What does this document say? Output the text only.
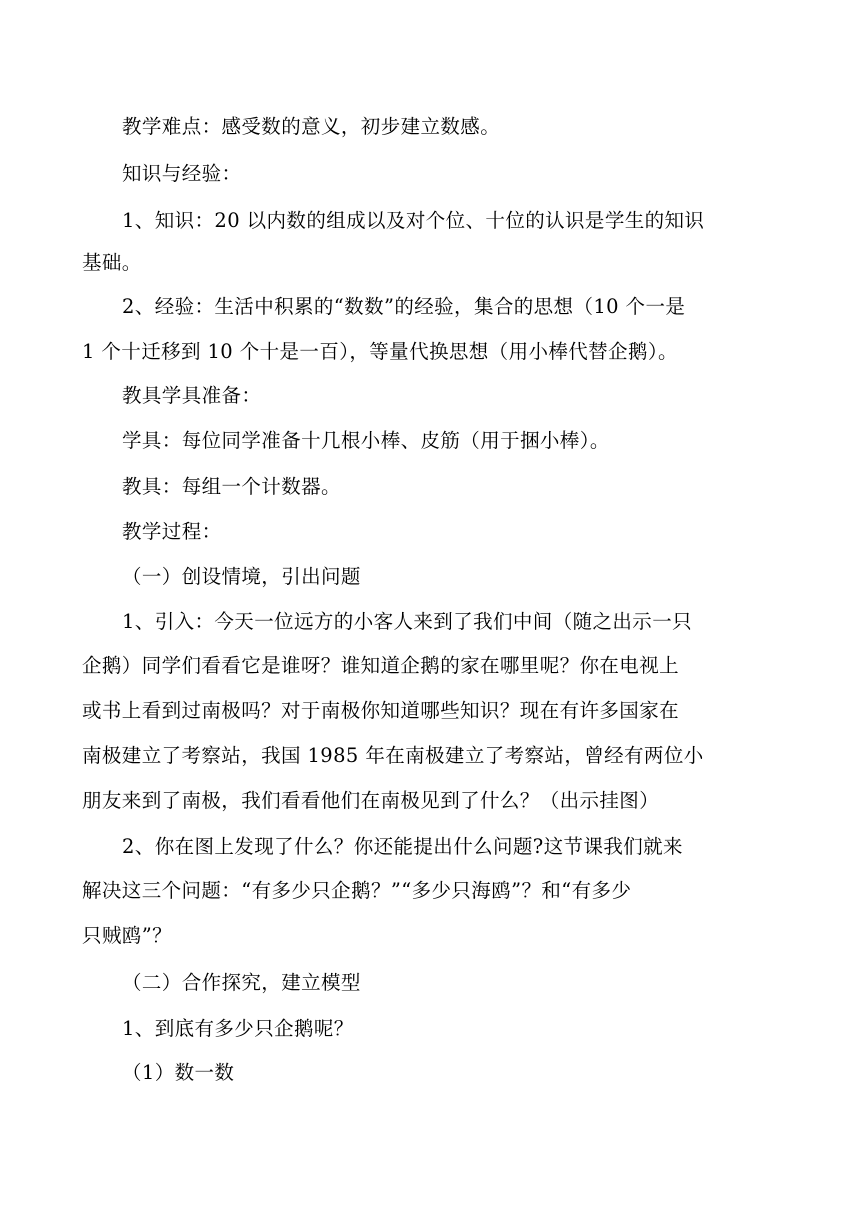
教学难点：感受数的意义，初步建立数感。
知识与经验：
1、知识：20 以内数的组成以及对个位、十位的认识是学生的知识
基础。
2、经验：生活中积累的“数数”的经验，集合的思想（10 个一是
1 个十迁移到 10 个十是一百），等量代换思想（用小棒代替企鹅）。
教具学具准备：
学具：每位同学准备十几根小棒、皮筋（用于捆小棒）。
教具：每组一个计数器。
教学过程：
（一）创设情境，引出问题
1、引入：今天一位远方的小客人来到了我们中间（随之出示一只
企鹅）同学们看看它是谁呀？谁知道企鹅的家在哪里呢？你在电视上
或书上看到过南极吗？对于南极你知道哪些知识？现在有许多国家在
南极建立了考察站，我国 1985 年在南极建立了考察站，曾经有两位小
朋友来到了南极，我们看看他们在南极见到了什么？（出示挂图）
2、你在图上发现了什么？你还能提出什么问题?这节课我们就来
解决这三个问题：“有多少只企鹅？”“多少只海鸥”？和“有多少
只贼鸥”？
（二）合作探究，建立模型
1、到底有多少只企鹅呢？
（1）数一数
